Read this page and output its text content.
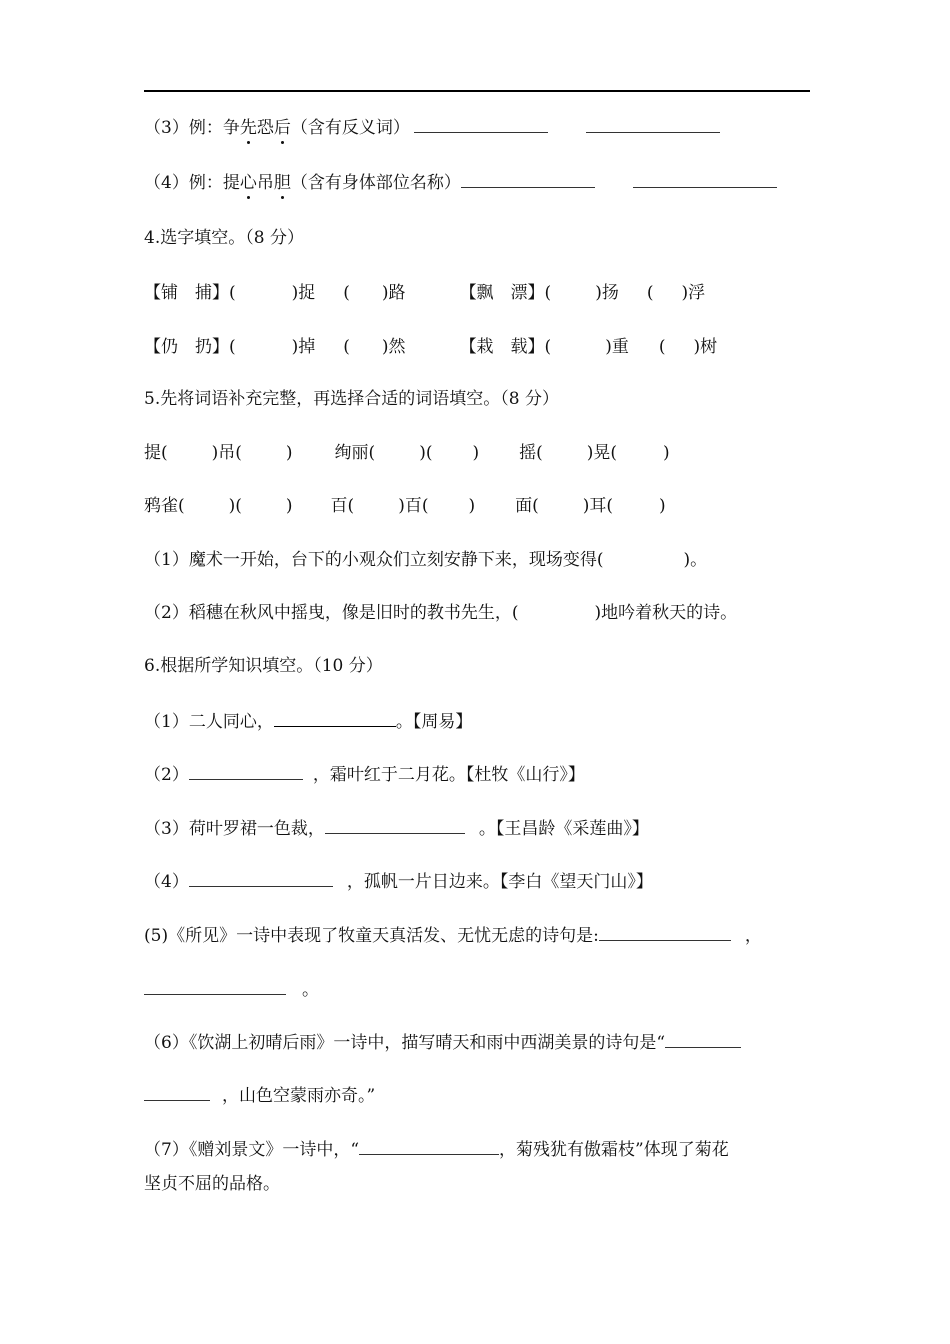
（3）例：争先恐后（含有反义词）
（4）例：提心吊胆（含有身体部位名称）
4.选字填空。（8 分）
【铺　捕】(	)捉 ( )路	【飘　漂】(	)扬 ( )浮
【仍　扔】(	)掉 ( )然	【栽　载】(	)重 ( )树
5.先将词语补充完整，再选择合适的词语填空。（8 分）
提(	)吊(	) 绚丽(	)( ) 摇(	)晃(	)
鸦雀(	)(	) 百(	)百( ) 面(	)耳(	)
（1）魔术一开始，台下的小观众们立刻安静下来，现场变得(	)。
（2）稻穗在秋风中摇曳，像是旧时的教书先生，(	)地吟着秋天的诗。
6.根据所学知识填空。（10 分）
（1）二人同心，	。【周易】
（2）	，霜叶红于二月花。【杜牧《山行》】
（3）荷叶罗裙一色裁，	。【王昌龄《采莲曲》】
（4）	，孤帆一片日边来。【李白《望天门山》】
(5)《所见》一诗中表现了牧童天真活发、无忧无虑的诗句是:	，
。
（6）《饮湖上初晴后雨》一诗中，描写晴天和雨中西湖美景的诗句是“
，山色空蒙雨亦奇。”
（7）《赠刘景文》一诗中，“	，菊残犹有傲霜枝”体现了菊花
坚贞不屈的品格。
